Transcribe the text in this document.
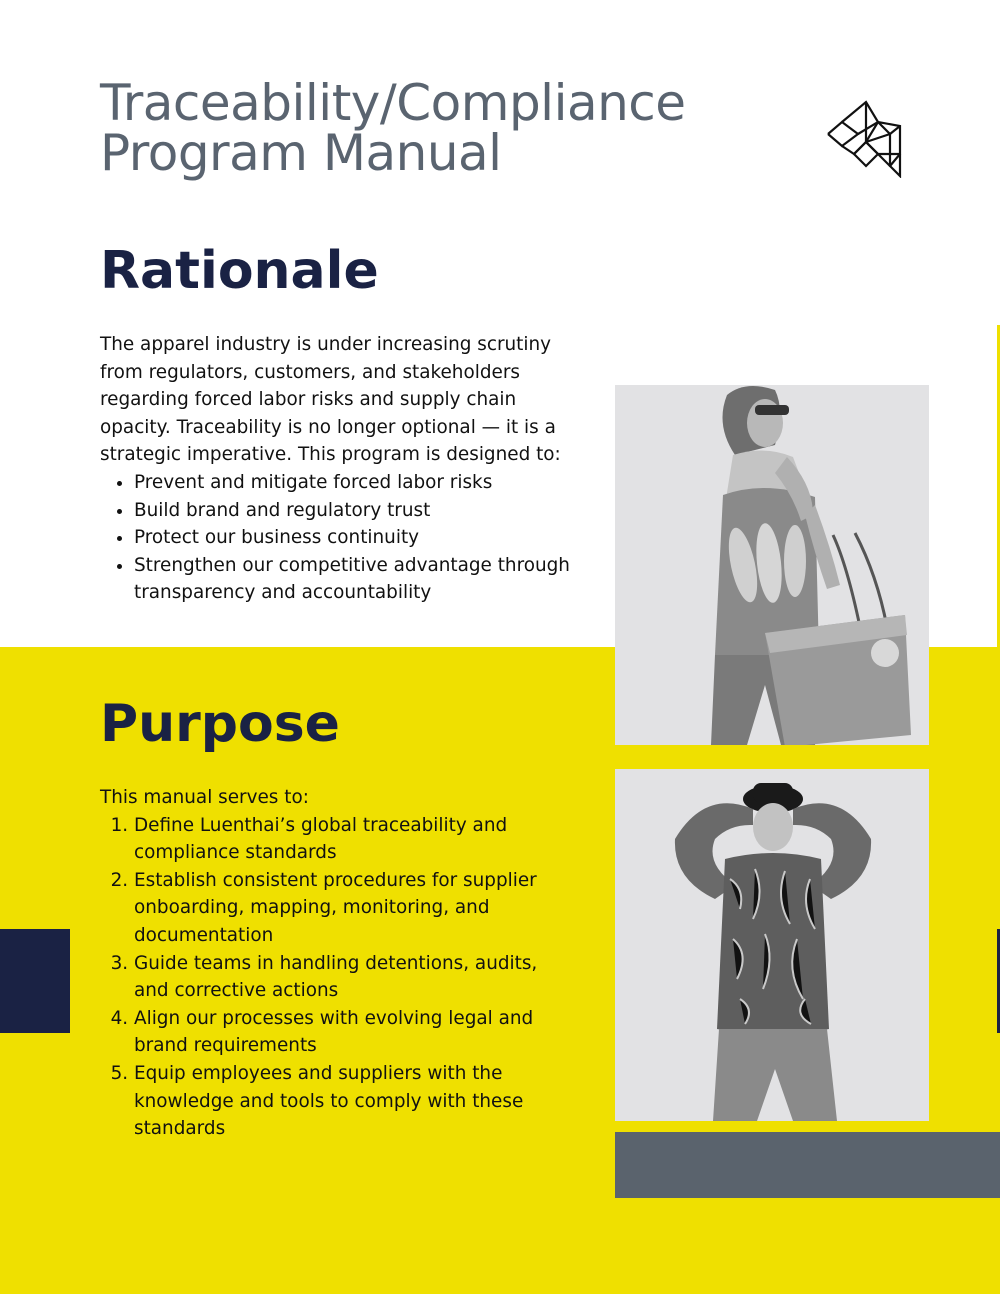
Traceability/Compliance
Program Manual
Rationale

The apparel industry is under increasing scrutiny from regulators, customers, and stakeholders regarding forced labor risks and supply chain opacity. Traceability is no longer optional — it is a strategic imperative. This program is designed to:

• Prevent and mitigate forced labor risks
• Build brand and regulatory trust
• Protect our business continuity
• Strengthen our competitive advantage through transparency and accountability
Purpose

This manual serves to:

1. Define Luenthai’s global traceability and compliance standards
2. Establish consistent procedures for supplier onboarding, mapping, monitoring, and documentation
3. Guide teams in handling detentions, audits, and corrective actions
4. Align our processes with evolving legal and brand requirements
5. Equip employees and suppliers with the knowledge and tools to comply with these standards
